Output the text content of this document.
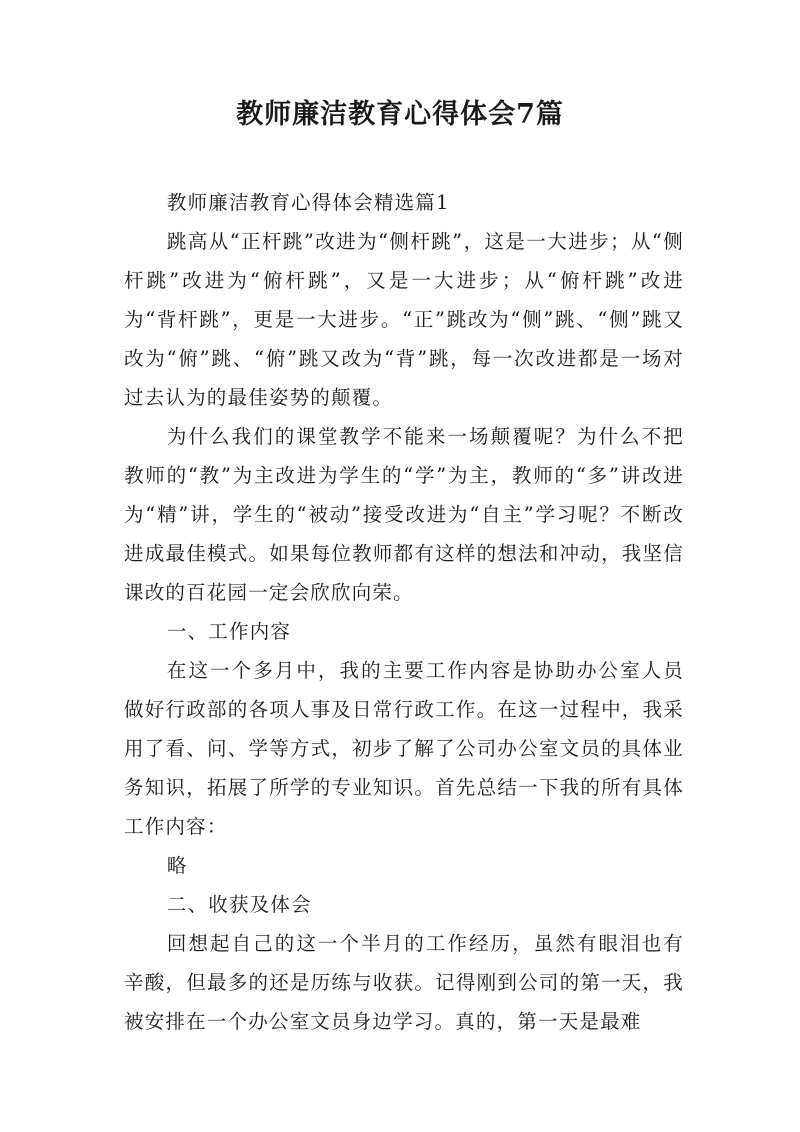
教师廉洁教育心得体会7篇

教师廉洁教育心得体会精选篇1

跳高从“正杆跳”改进为“侧杆跳”，这是一大进步；从“侧杆跳”改进为“俯杆跳”，又是一大进步；从“俯杆跳”改进为“背杆跳”，更是一大进步。“正”跳改为“侧”跳、“侧”跳又改为“俯”跳、“俯”跳又改为“背”跳，每一次改进都是一场对过去认为的最佳姿势的颠覆。

为什么我们的课堂教学不能来一场颠覆呢？为什么不把教师的“教”为主改进为学生的“学”为主，教师的“多”讲改进为“精”讲，学生的“被动”接受改进为“自主”学习呢？不断改进成最佳模式。如果每位教师都有这样的想法和冲动，我坚信课改的百花园一定会欣欣向荣。

一、工作内容

在这一个多月中，我的主要工作内容是协助办公室人员做好行政部的各项人事及日常行政工作。在这一过程中，我采用了看、问、学等方式，初步了解了公司办公室文员的具体业务知识，拓展了所学的专业知识。首先总结一下我的所有具体工作内容：

略

二、收获及体会

回想起自己的这一个半月的工作经历，虽然有眼泪也有辛酸，但最多的还是历练与收获。记得刚到公司的第一天，我被安排在一个办公室文员身边学习。真的，第一天是最难
